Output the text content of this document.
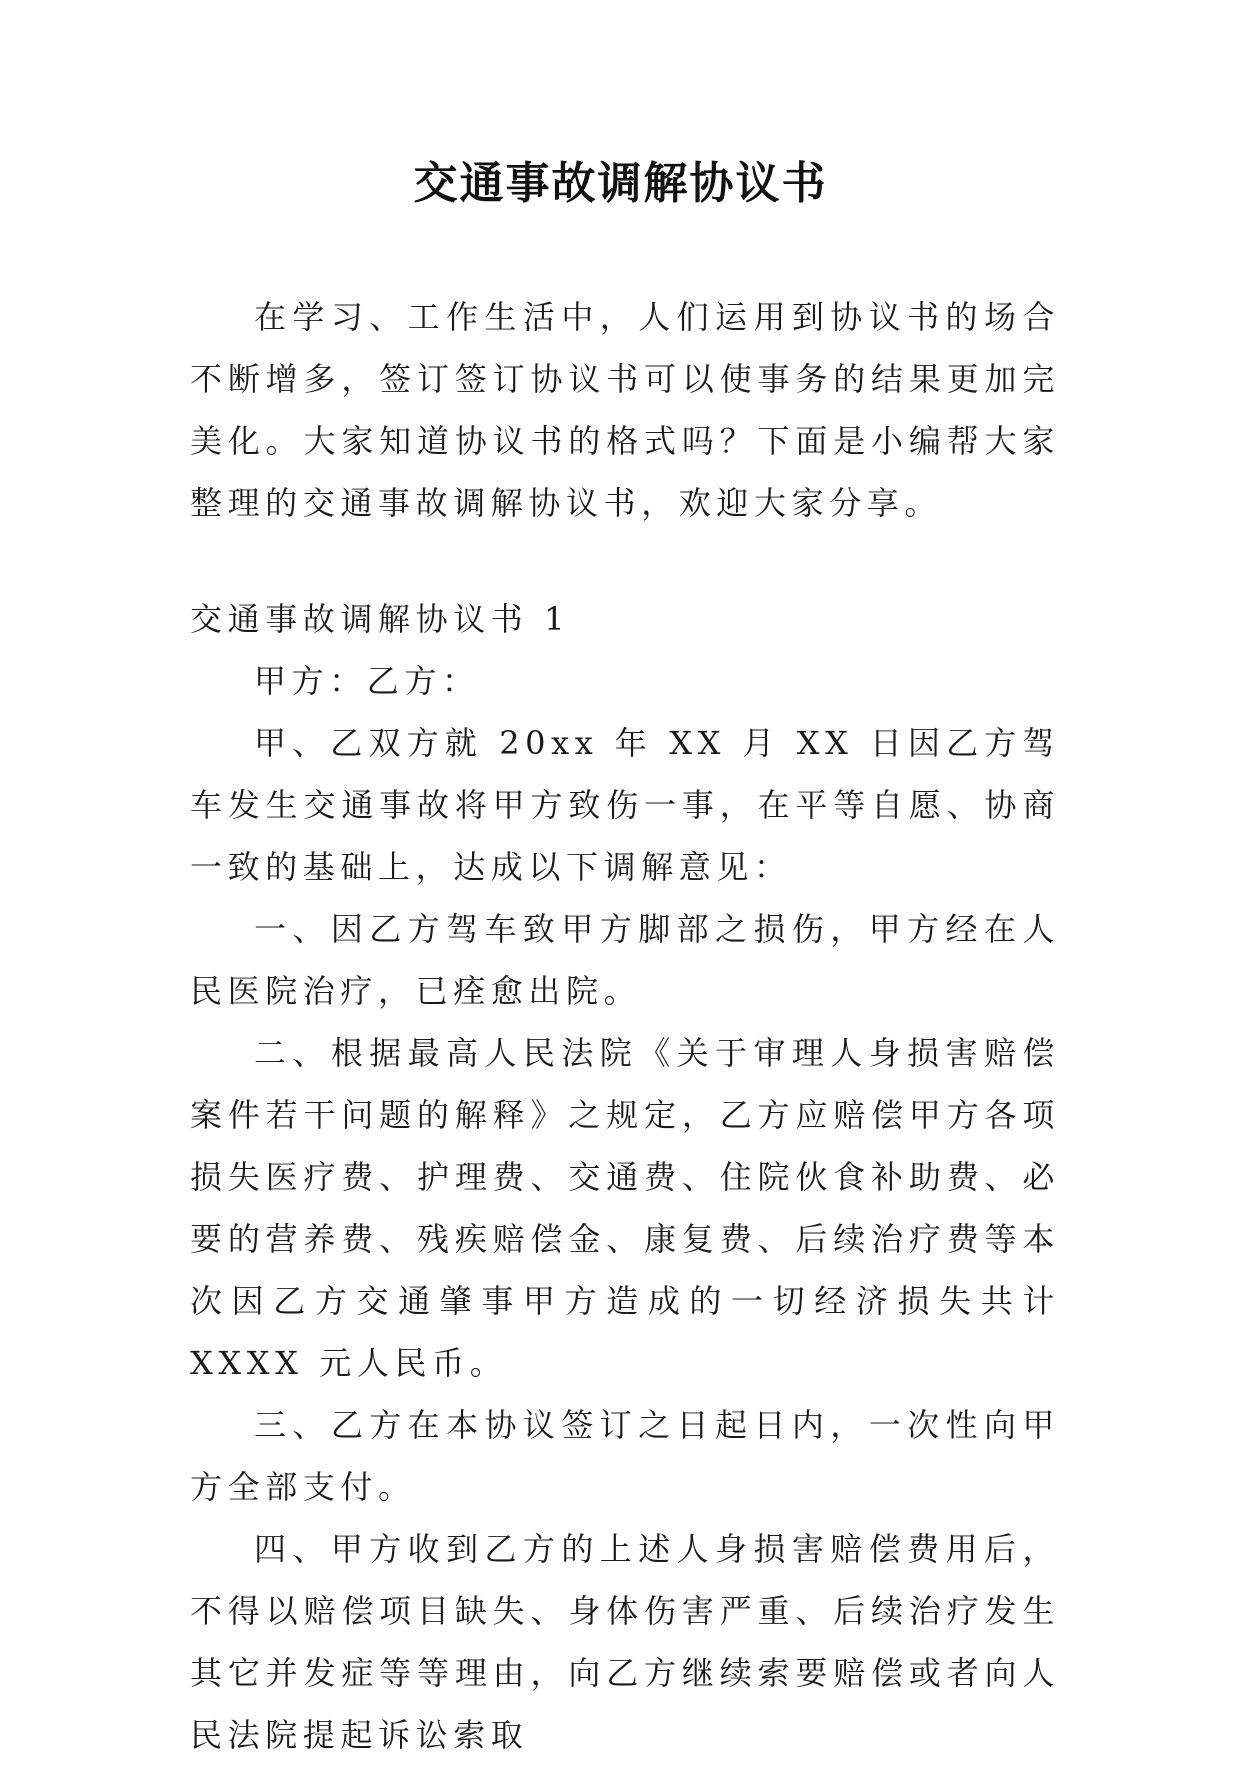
交通事故调解协议书

在学习、工作生活中，人们运用到协议书的场合不断增多，签订签订协议书可以使事务的结果更加完美化。大家知道协议书的格式吗？下面是小编帮大家整理的交通事故调解协议书，欢迎大家分享。

交通事故调解协议书 1

甲方：乙方：

甲、乙双方就 20xx 年 XX 月 XX 日因乙方驾车发生交通事故将甲方致伤一事，在平等自愿、协商一致的基础上，达成以下调解意见：

一、因乙方驾车致甲方脚部之损伤，甲方经在人民医院治疗，已痊愈出院。

二、根据最高人民法院《关于审理人身损害赔偿案件若干问题的解释》之规定，乙方应赔偿甲方各项损失医疗费、护理费、交通费、住院伙食补助费、必要的营养费、残疾赔偿金、康复费、后续治疗费等本次因乙方交通肇事甲方造成的一切经济损失共计 XXXX 元人民币。

三、乙方在本协议签订之日起日内，一次性向甲方全部支付。

四、甲方收到乙方的上述人身损害赔偿费用后，不得以赔偿项目缺失、身体伤害严重、后续治疗发生其它并发症等等理由，向乙方继续索要赔偿或者向人民法院提起诉讼索取
